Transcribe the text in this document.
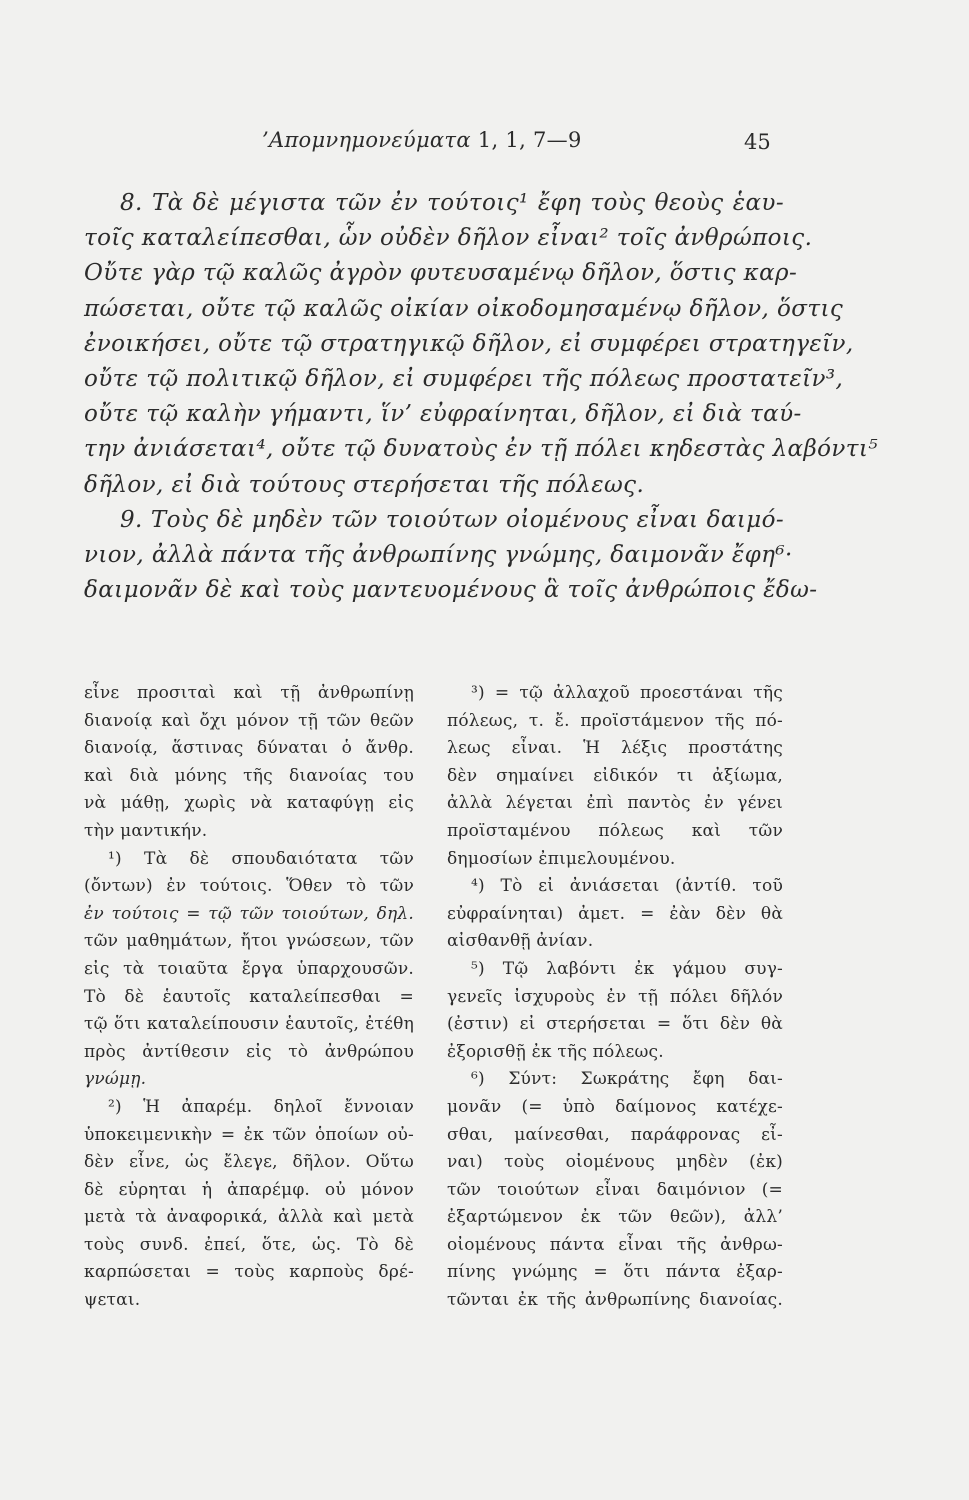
’Απομνημονεύματα 1, 1, 7—9	45
8. Τὰ δὲ μέγιστα τῶν ἐν τούτοις¹ ἔφη τοὺς θεοὺς ἑαυ-
τοῖς καταλείπεσθαι, ὧν οὐδὲν δῆλον εἶναι² τοῖς ἀνθρώποις.
Οὔτε γὰρ τῷ καλῶς ἀγρὸν φυτευσαμένῳ δῆλον, ὅστις καρ-
πώσεται, οὔτε τῷ καλῶς οἰκίαν οἰκοδομησαμένῳ δῆλον, ὅστις
ἐνοικήσει, οὔτε τῷ στρατηγικῷ δῆλον, εἰ συμφέρει στρατηγεῖν,
οὔτε τῷ πολιτικῷ δῆλον, εἰ συμφέρει τῆς πόλεως προστατεῖν³,
οὔτε τῷ καλὴν γήμαντι, ἵν’ εὐφραίνηται, δῆλον, εἰ διὰ ταύ-
την ἀνιάσεται⁴, οὔτε τῷ δυνατοὺς ἐν τῇ πόλει κηδεστὰς λαβόντι⁵
δῆλον, εἰ διὰ τούτους στερήσεται τῆς πόλεως.
9. Τοὺς δὲ μηδὲν τῶν τοιούτων οἰομένους εἶναι δαιμό-
νιον, ἀλλὰ πάντα τῆς ἀνθρωπίνης γνώμης, δαιμονᾶν ἔφη⁶·
δαιμονᾶν δὲ καὶ τοὺς μαντευομένους ἃ τοῖς ἀνθρώποις ἔδω-
εἶνε προσιταὶ καὶ τῇ ἀνθρωπίνῃ
διανοίᾳ καὶ ὄχι μόνον τῇ τῶν θεῶν
διανοίᾳ, ἅστινας δύναται ὁ ἄνθρ.
καὶ διὰ μόνης τῆς διανοίας του
νὰ μάθῃ, χωρὶς νὰ καταφύγῃ εἰς
τὴν μαντικήν.
¹) Τὰ δὲ σπουδαιότατα τῶν
(ὄντων) ἐν τούτοις. Ὅθεν τὸ τῶν
ἐν τούτοις = τῷ τῶν τοιούτων, δηλ.
τῶν μαθημάτων, ἤτοι γνώσεων, τῶν
εἰς τὰ τοιαῦτα ἔργα ὑπαρχουσῶν.
Τὸ δὲ ἑαυτοῖς καταλείπεσθαι =
τῷ ὅτι καταλείπουσιν ἑαυτοῖς, ἐτέθη
πρὸς ἀντίθεσιν εἰς τὸ ἀνθρώπου
γνώμῃ.
²) Ἡ ἀπαρέμ. δηλοῖ ἔννοιαν
ὑποκειμενικὴν = ἐκ τῶν ὁποίων οὐ-
δὲν εἶνε, ὡς ἔλεγε, δῆλον. Οὕτω
δὲ εὑρηται ἡ ἀπαρέμφ. οὐ μόνον
μετὰ τὰ ἀναφορικά, ἀλλὰ καὶ μετὰ
τοὺς συνδ. ἐπεί, ὅτε, ὡς. Τὸ δὲ
καρπώσεται = τοὺς καρποὺς δρέ-
ψεται.
³) = τῷ ἀλλαχοῦ προεστάναι τῆς
πόλεως, τ. ἔ. προϊστάμενον τῆς πό-
λεως εἶναι. Ἡ λέξις προστάτης
δὲν σημαίνει εἰδικόν τι ἀξίωμα,
ἀλλὰ λέγεται ἐπὶ παντὸς ἐν γένει
προϊσταμένου πόλεως καὶ τῶν
δημοσίων ἐπιμελουμένου.
⁴) Τὸ εἰ ἀνιάσεται (ἀντίθ. τοῦ
εὐφραίνηται) ἀμετ. = ἐὰν δὲν θὰ
αἰσθανθῇ ἀνίαν.
⁵) Τῷ λαβόντι ἐκ γάμου συγ-
γενεῖς ἰσχυροὺς ἐν τῇ πόλει δῆλόν
(ἐστιν) εἰ στερήσεται = ὅτι δὲν θὰ
ἐξορισθῇ ἐκ τῆς πόλεως.
⁶) Σύντ: Σωκράτης ἔφη δαι-
μονᾶν (= ὑπὸ δαίμονος κατέχε-
σθαι, μαίνεσθαι, παράφρονας εἶ-
ναι) τοὺς οἰομένους μηδὲν (ἐκ)
τῶν τοιούτων εἶναι δαιμόνιον (=
ἐξαρτώμενον ἐκ τῶν θεῶν), ἀλλ’
οἰομένους πάντα εἶναι τῆς ἀνθρω-
πίνης γνώμης = ὅτι πάντα ἐξαρ-
τῶνται ἐκ τῆς ἀνθρωπίνης διανοίας.
